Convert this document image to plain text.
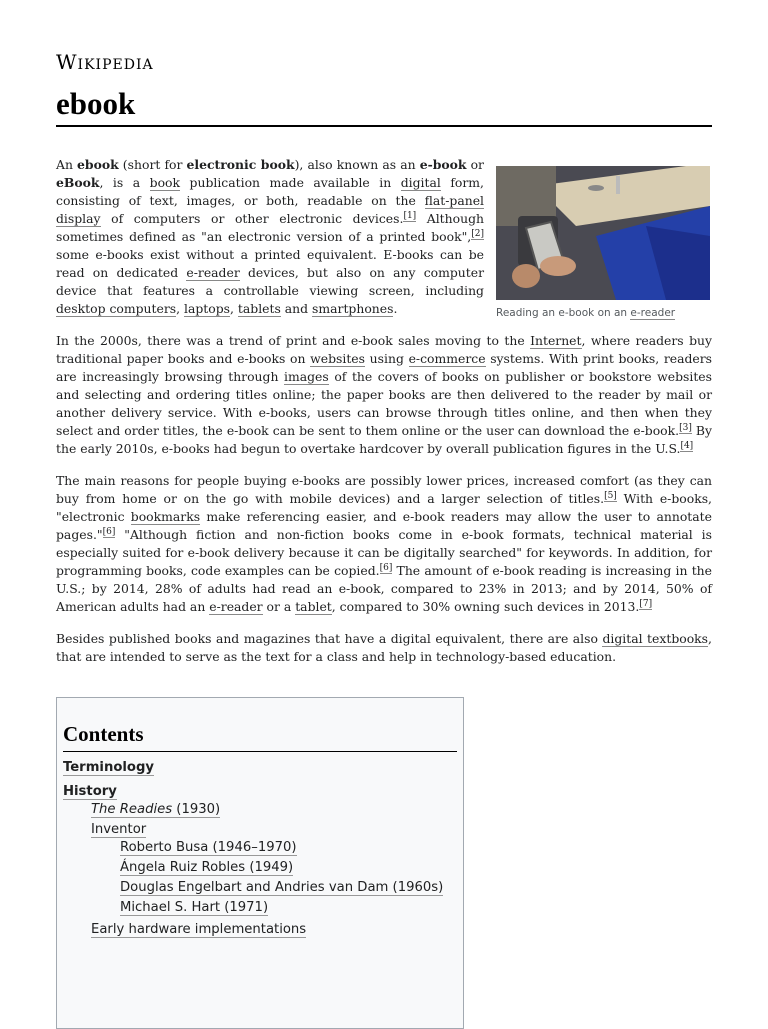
Wikipedia
ebook
Reading an e-book on an e-reader

An ebook (short for electronic book), also known as an e-book or eBook, is a book publication made available in digital form, consisting of text, images, or both, readable on the flat-panel display of computers or other electronic devices.[1] Although sometimes defined as "an electronic version of a printed book",[2] some e-books exist without a printed equivalent. E-books can be read on dedicated e-reader devices, but also on any computer device that features a controllable viewing screen, including desktop computers, laptops, tablets and smartphones.

In the 2000s, there was a trend of print and e-book sales moving to the Internet, where readers buy traditional paper books and e-books on websites using e-commerce systems. With print books, readers are increasingly browsing through images of the covers of books on publisher or bookstore websites and selecting and ordering titles online; the paper books are then delivered to the reader by mail or another delivery service. With e-books, users can browse through titles online, and then when they select and order titles, the e-book can be sent to them online or the user can download the e-book.[3] By the early 2010s, e-books had begun to overtake hardcover by overall publication figures in the U.S.[4]

The main reasons for people buying e-books are possibly lower prices, increased comfort (as they can buy from home or on the go with mobile devices) and a larger selection of titles.[5] With e-books, "electronic bookmarks make referencing easier, and e-book readers may allow the user to annotate pages."[6] "Although fiction and non-fiction books come in e-book formats, technical material is especially suited for e-book delivery because it can be digitally searched" for keywords. In addition, for programming books, code examples can be copied.[6] The amount of e-book reading is increasing in the U.S.; by 2014, 28% of adults had read an e-book, compared to 23% in 2013; and by 2014, 50% of American adults had an e-reader or a tablet, compared to 30% owning such devices in 2013.[7]

Besides published books and magazines that have a digital equivalent, there are also digital textbooks, that are intended to serve as the text for a class and help in technology-based education.

Contents
Terminology
History
The Readies (1930)
Inventor
Roberto Busa (1946–1970)
Ángela Ruiz Robles (1949)
Douglas Engelbart and Andries van Dam (1960s)
Michael S. Hart (1971)
Early hardware implementations
